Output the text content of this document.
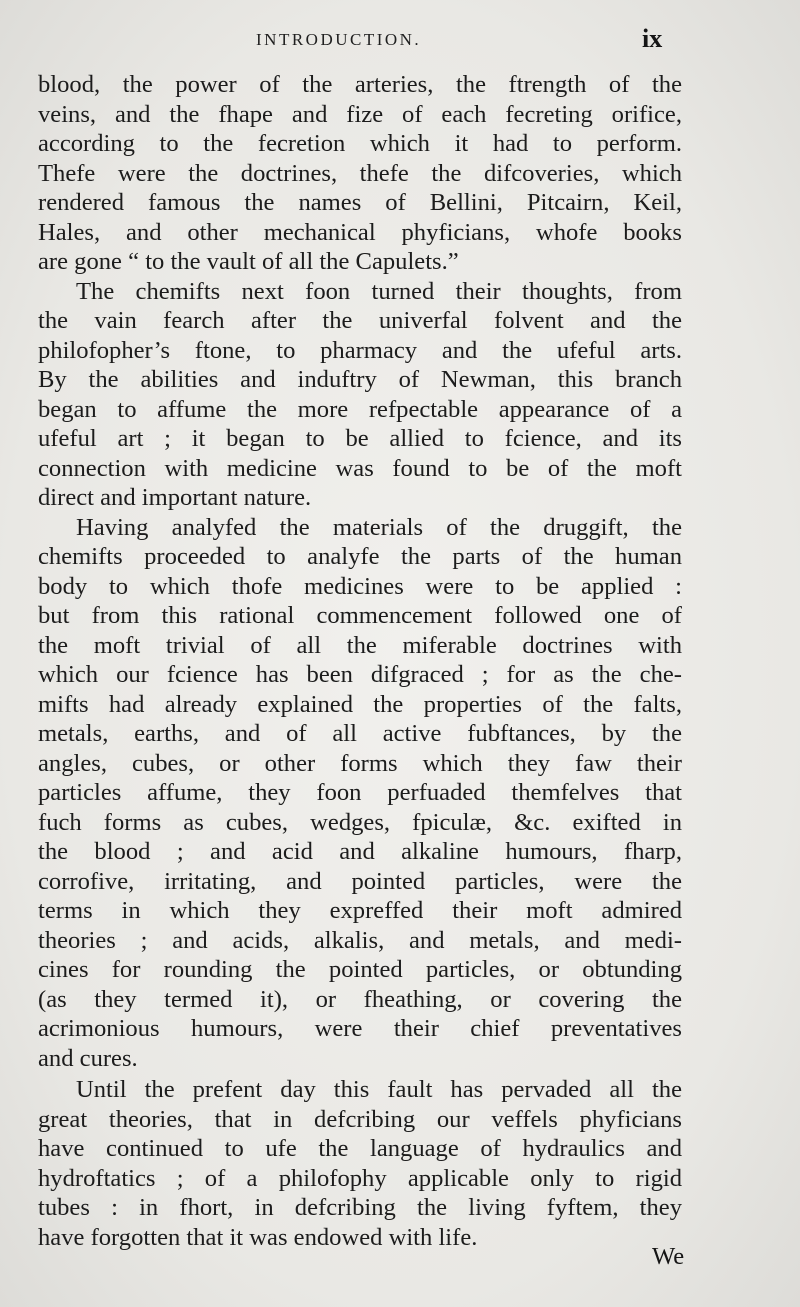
INTRODUCTION.	ix
blood, the power of the arteries, the ftrength of the
veins, and the fhape and fize of each fecreting orifice,
according to the fecretion which it had to perform.
Thefe were the doctrines, thefe the difcoveries, which
rendered famous the names of Bellini, Pitcairn, Keil,
Hales, and other mechanical phyficians, whofe books
are gone “ to the vault of all the Capulets.”
The chemifts next foon turned their thoughts, from
the vain fearch after the univerfal folvent and the
philofopher’s ftone, to pharmacy and the ufeful arts.
By the abilities and induftry of Newman, this branch
began to affume the more refpectable appearance of a
ufeful art ; it began to be allied to fcience, and its
connection with medicine was found to be of the moft
direct and important nature.
Having analyfed the materials of the druggift, the
chemifts proceeded to analyfe the parts of the human
body to which thofe medicines were to be applied :
but from this rational commencement followed one of
the moft trivial of all the miferable doctrines with
which our fcience has been difgraced ; for as the che-
mifts had already explained the properties of the falts,
metals, earths, and of all active fubftances, by the
angles, cubes, or other forms which they faw their
particles affume, they foon perfuaded themfelves that
fuch forms as cubes, wedges, fpiculæ, &c. exifted in
the blood ; and acid and alkaline humours, fharp,
corrofive, irritating, and pointed particles, were the
terms in which they expreffed their moft admired
theories ; and acids, alkalis, and metals, and medi-
cines for rounding the pointed particles, or obtunding
(as they termed it), or fheathing, or covering the
acrimonious humours, were their chief preventatives
and cures.
Until the prefent day this fault has pervaded all the
great theories, that in defcribing our veffels phyficians
have continued to ufe the language of hydraulics and
hydroftatics ; of a philofophy applicable only to rigid
tubes : in fhort, in defcribing the living fyftem, they
have forgotten that it was endowed with life.
We
